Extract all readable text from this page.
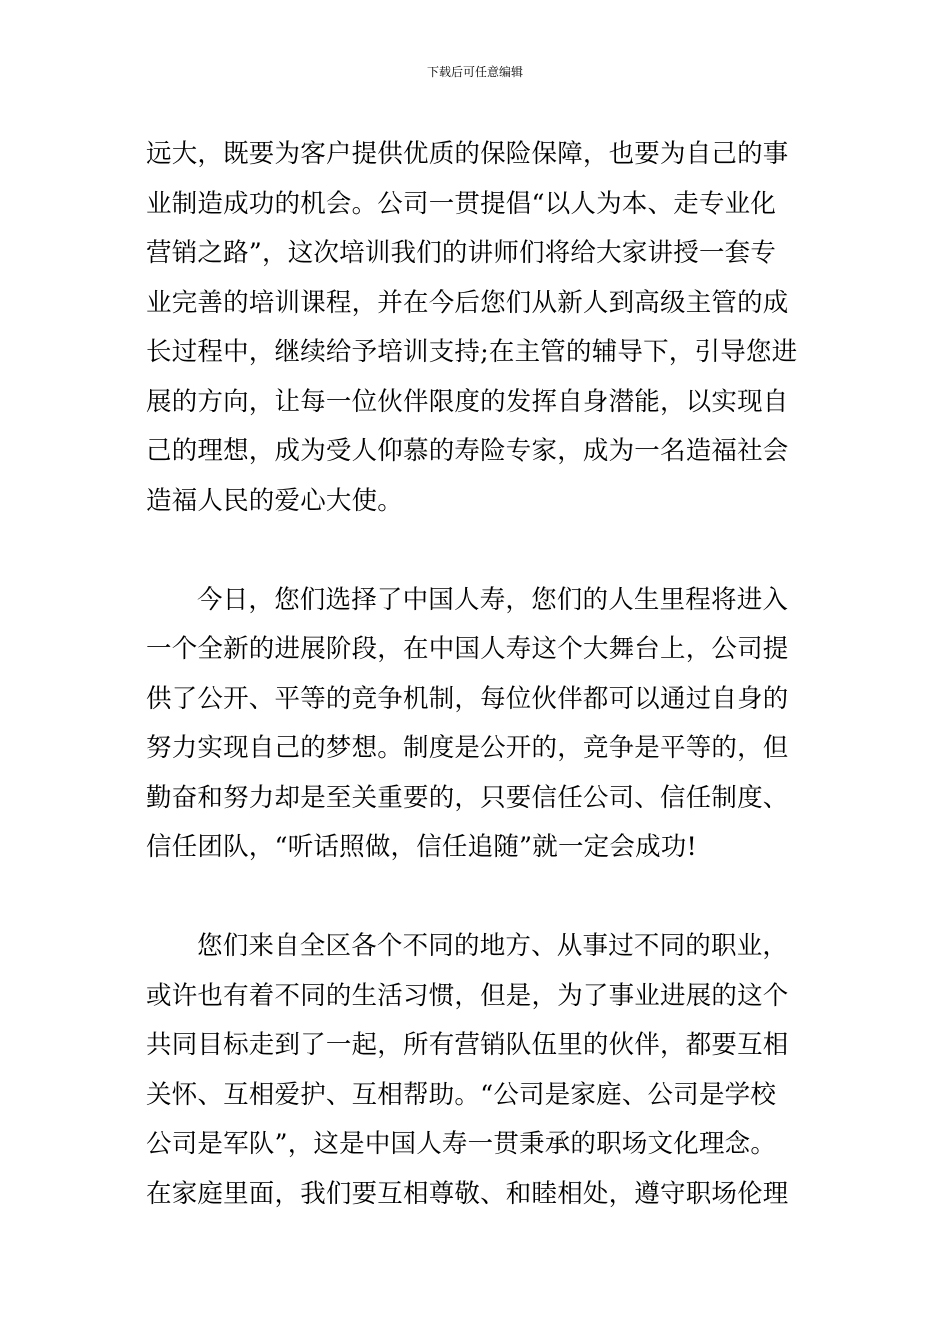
下载后可任意编辑
远大，既要为客户提供优质的保险保障，也要为自己的事
业制造成功的机会。公司一贯提倡“以人为本、走专业化
营销之路”，这次培训我们的讲师们将给大家讲授一套专
业完善的培训课程，并在今后您们从新人到高级主管的成
长过程中，继续给予培训支持;在主管的辅导下，引导您进
展的方向，让每一位伙伴限度的发挥自身潜能，以实现自
己的理想，成为受人仰慕的寿险专家，成为一名造福社会
造福人民的爱心大使。
今日，您们选择了中国人寿，您们的人生里程将进入
一个全新的进展阶段，在中国人寿这个大舞台上，公司提
供了公开、平等的竞争机制，每位伙伴都可以通过自身的
努力实现自己的梦想。制度是公开的，竞争是平等的，但
勤奋和努力却是至关重要的，只要信任公司、信任制度、
信任团队，“听话照做，信任追随”就一定会成功!
您们来自全区各个不同的地方、从事过不同的职业，
或许也有着不同的生活习惯，但是，为了事业进展的这个
共同目标走到了一起，所有营销队伍里的伙伴，都要互相
关怀、互相爱护、互相帮助。“公司是家庭、公司是学校
公司是军队”，这是中国人寿一贯秉承的职场文化理念。
在家庭里面，我们要互相尊敬、和睦相处，遵守职场伦理
